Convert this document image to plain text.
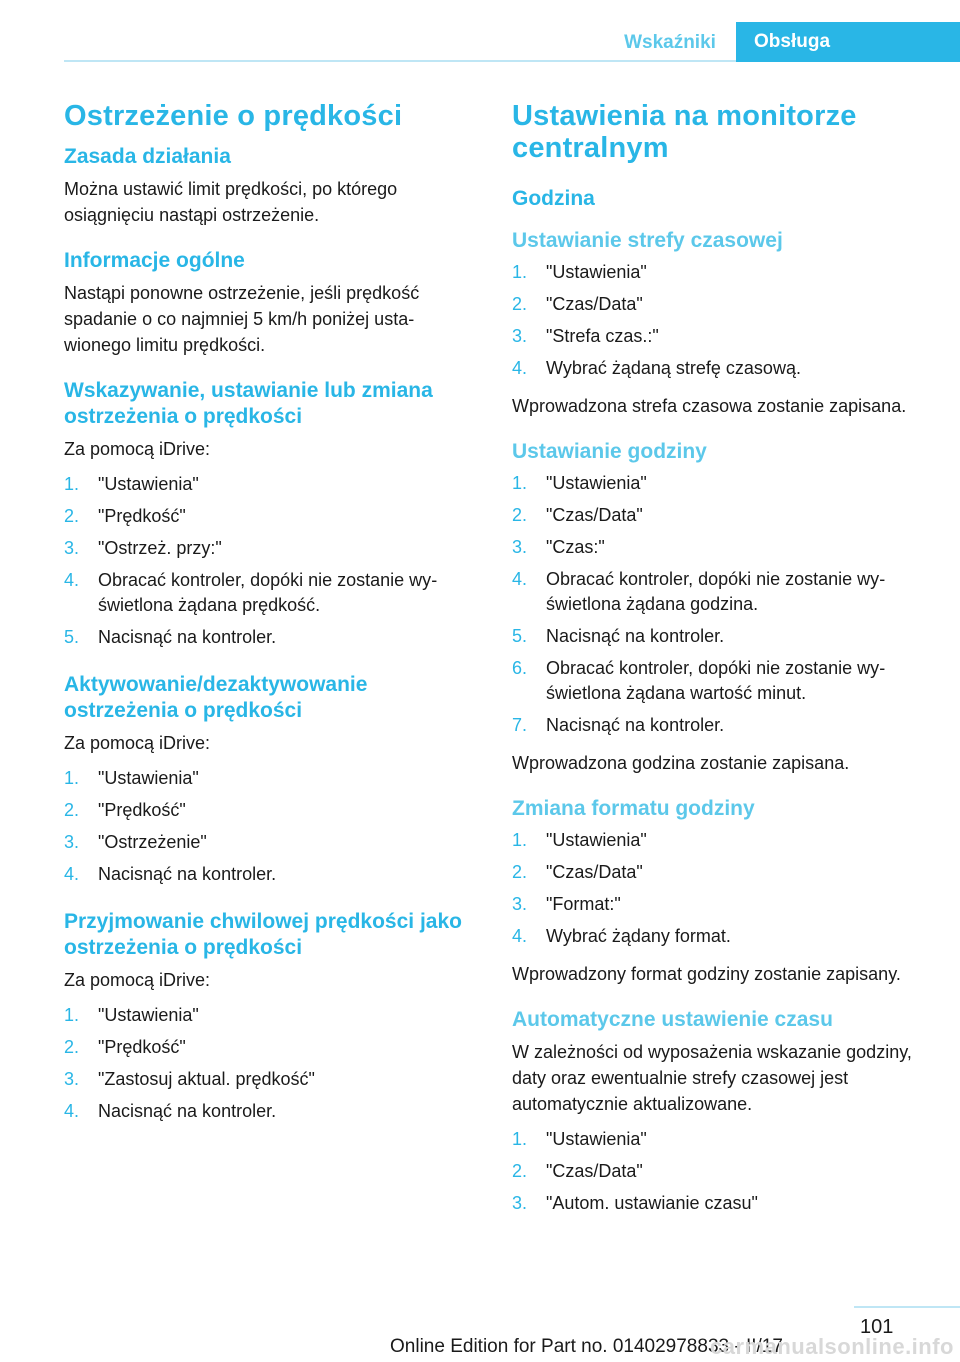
Wskaźniki	Obsługa
Ostrzeżenie o prędkości
Zasada działania

Można ustawić limit prędkości, po którego osiągnięciu nastąpi ostrzeżenie.

Informacje ogólne

Nastąpi ponowne ostrzeżenie, jeśli prędkość spadanie o co najmniej 5 km/h poniżej ustawionego limitu prędkości.

Wskazywanie, ustawianie lub zmiana ostrzeżenia o prędkości

Za pomocą iDrive:

1. "Ustawienia"
2. "Prędkość"
3. "Ostrzeż. przy:"
4. Obracać kontroler, dopóki nie zostanie wyświetlona żądana prędkość.
5. Nacisnąć na kontroler.
Aktywowanie/dezaktywowanie ostrzeżenia o prędkości

Za pomocą iDrive:

1. "Ustawienia"
2. "Prędkość"
3. "Ostrzeżenie"
4. Nacisnąć na kontroler.
Przyjmowanie chwilowej prędkości jako ostrzeżenia o prędkości

Za pomocą iDrive:

1. "Ustawienia"
2. "Prędkość"
3. "Zastosuj aktual. prędkość"
4. Nacisnąć na kontroler.
Ustawienia na monitorze centralnym
Godzina
Ustawianie strefy czasowej
1. "Ustawienia"
2. "Czas/Data"
3. "Strefa czas.:"
4. Wybrać żądaną strefę czasową.

Wprowadzona strefa czasowa zostanie zapisana.

Ustawianie godziny
1. "Ustawienia"
2. "Czas/Data"
3. "Czas:"
4. Obracać kontroler, dopóki nie zostanie wyświetlona żądana godzina.
5. Nacisnąć na kontroler.
6. Obracać kontroler, dopóki nie zostanie wyświetlona żądana wartość minut.
7. Nacisnąć na kontroler.

Wprowadzona godzina zostanie zapisana.

Zmiana formatu godziny
1. "Ustawienia"
2. "Czas/Data"
3. "Format:"
4. Wybrać żądany format.

Wprowadzony format godziny zostanie zapisany.

Automatyczne ustawienie czasu

W zależności od wyposażenia wskazanie godziny, daty oraz ewentualnie strefy czasowej jest automatycznie aktualizowane.

1. "Ustawienia"
2. "Czas/Data"
3. "Autom. ustawianie czasu"
101
Online Edition for Part no. 01402978833 - II/17
carmanualsonline.info
